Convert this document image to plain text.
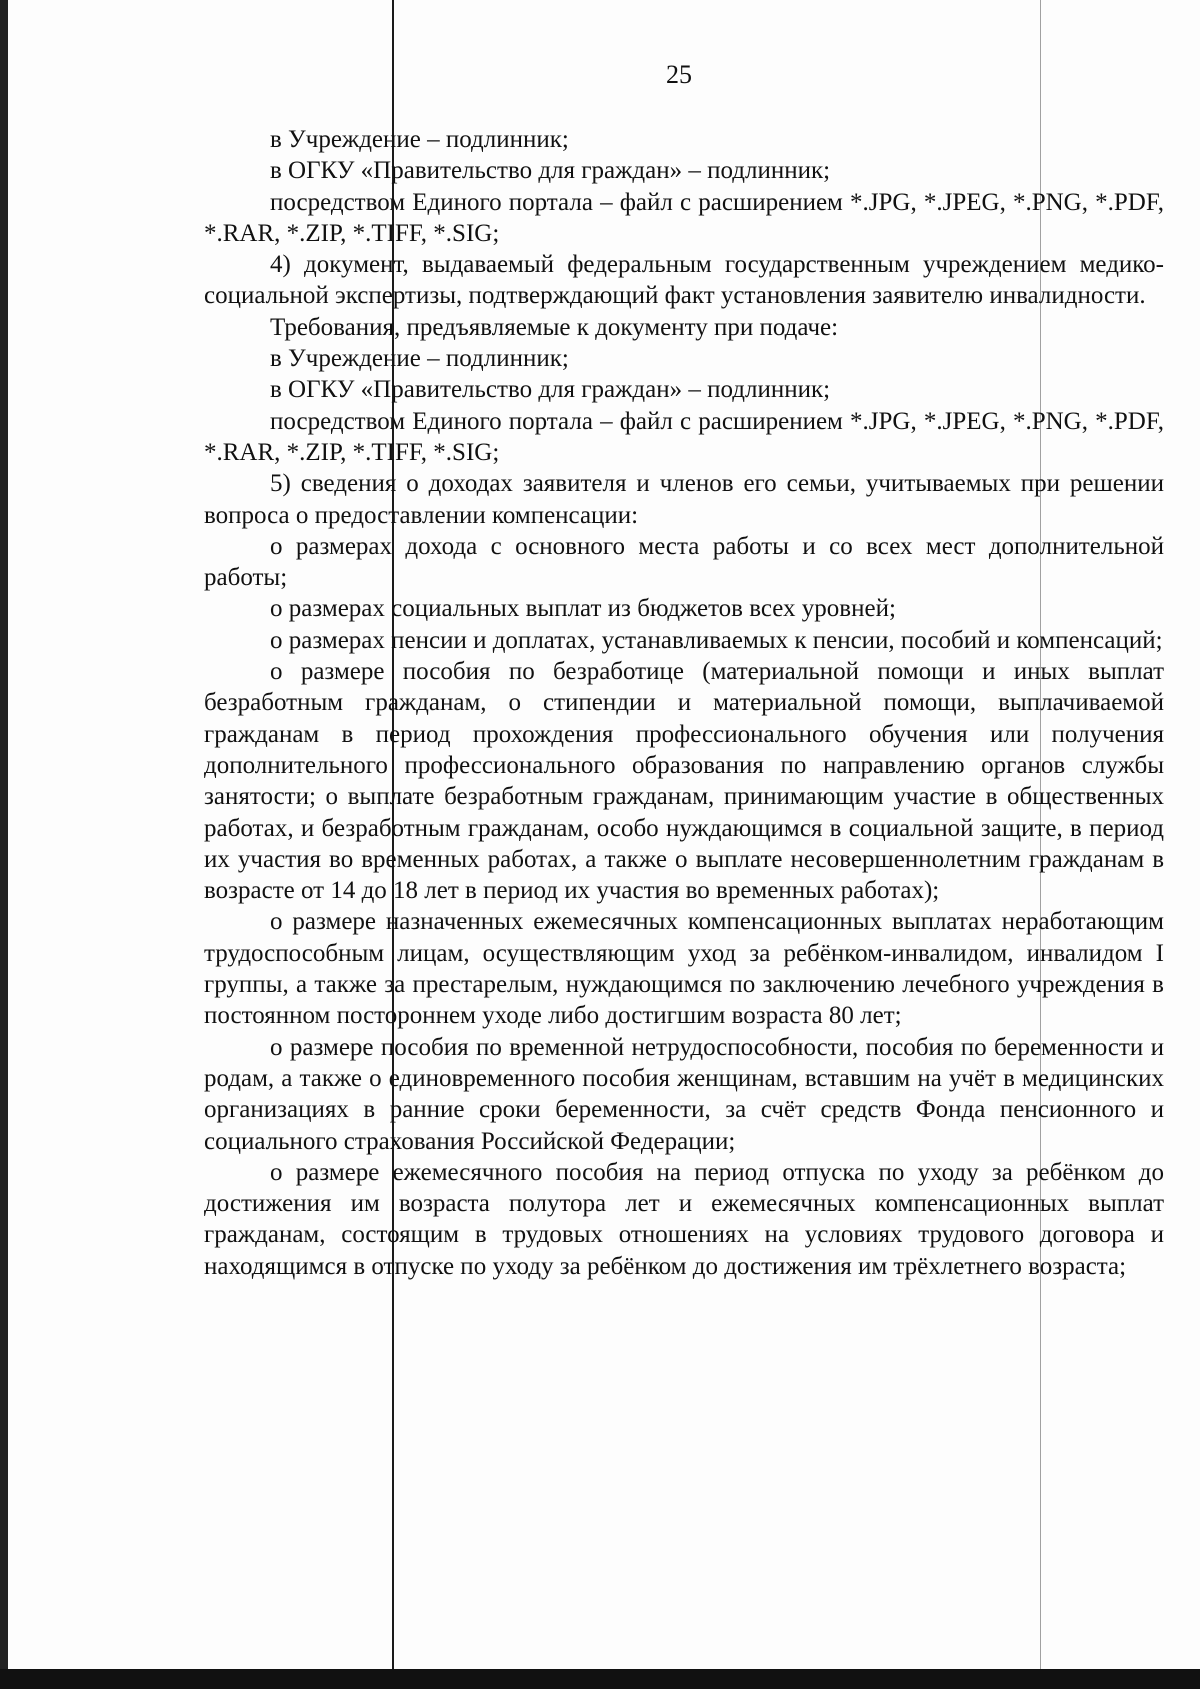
25

в Учреждение – подлинник;

в ОГКУ «Правительство для граждан» – подлинник;

посредством Единого портала – файл с расширением *.JPG, *.JPEG, *.PNG, *.PDF, *.RAR, *.ZIP, *.TIFF, *.SIG;

4) документ, выдаваемый федеральным государственным учреждением медико-социальной экспертизы, подтверждающий факт установления заявителю инвалидности.

Требования, предъявляемые к документу при подаче:

в Учреждение – подлинник;

в ОГКУ «Правительство для граждан» – подлинник;

посредством Единого портала – файл с расширением *.JPG, *.JPEG, *.PNG, *.PDF, *.RAR, *.ZIP, *.TIFF, *.SIG;

5) сведения о доходах заявителя и членов его семьи, учитываемых при решении вопроса о предоставлении компенсации:

о размерах дохода с основного места работы и со всех мест дополнительной работы;

о размерах социальных выплат из бюджетов всех уровней;

о размерах пенсии и доплатах, устанавливаемых к пенсии, пособий и компенсаций;

о размере пособия по безработице (материальной помощи и иных выплат безработным гражданам, о стипендии и материальной помощи, выплачиваемой гражданам в период прохождения профессионального обучения или получения дополнительного профессионального образования по направлению органов службы занятости; о выплате безработным гражданам, принимающим участие в общественных работах, и безработным гражданам, особо нуждающимся в социальной защите, в период их участия во временных работах, а также о выплате несовершеннолетним гражданам в возрасте от 14 до 18 лет в период их участия во временных работах);

о размере назначенных ежемесячных компенсационных выплатах неработающим трудоспособным лицам, осуществляющим уход за ребёнком-инвалидом, инвалидом I группы, а также за престарелым, нуждающимся по заключению лечебного учреждения в постоянном постороннем уходе либо достигшим возраста 80 лет;

о размере пособия по временной нетрудоспособности, пособия по беременности и родам, а также о единовременного пособия женщинам, вставшим на учёт в медицинских организациях в ранние сроки беременности, за счёт средств Фонда пенсионного и социального страхования Российской Федерации;

о размере ежемесячного пособия на период отпуска по уходу за ребёнком до достижения им возраста полутора лет и ежемесячных компенсационных выплат гражданам, состоящим в трудовых отношениях на условиях трудового договора и находящимся в отпуске по уходу за ребёнком до достижения им трёхлетнего возраста;
